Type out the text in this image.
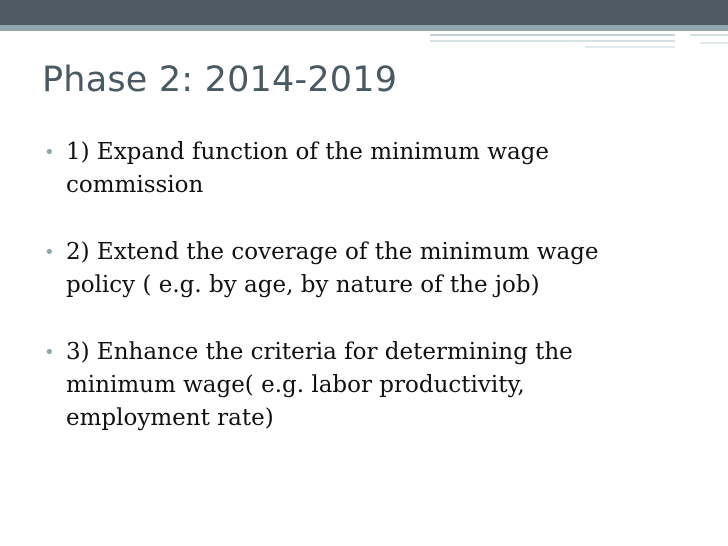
Phase 2: 2014-2019
• 1) Expand function of the minimum wage commission
• 2) Extend the coverage of the minimum wage policy ( e.g. by age, by nature of the job)
• 3) Enhance the criteria for determining the minimum wage( e.g. labor productivity, employment rate)
